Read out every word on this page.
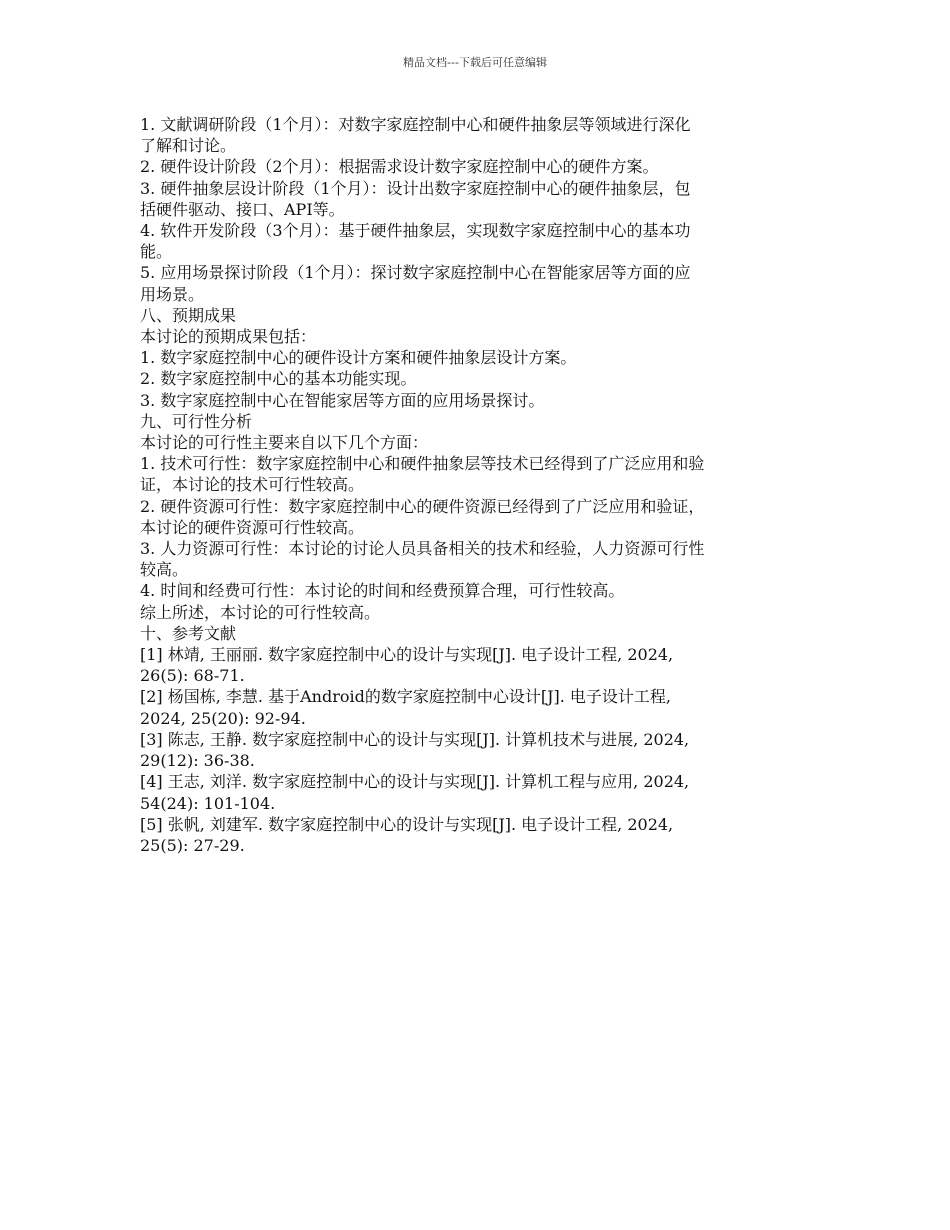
精品文档---下载后可任意编辑
1. 文献调研阶段（1个月）：对数字家庭控制中心和硬件抽象层等领域进行深化
了解和讨论。
2. 硬件设计阶段（2个月）：根据需求设计数字家庭控制中心的硬件方案。
3. 硬件抽象层设计阶段（1个月）：设计出数字家庭控制中心的硬件抽象层，包
括硬件驱动、接口、API等。
4. 软件开发阶段（3个月）：基于硬件抽象层，实现数字家庭控制中心的基本功
能。
5. 应用场景探讨阶段（1个月）：探讨数字家庭控制中心在智能家居等方面的应
用场景。
八、预期成果
本讨论的预期成果包括：
1. 数字家庭控制中心的硬件设计方案和硬件抽象层设计方案。
2. 数字家庭控制中心的基本功能实现。
3. 数字家庭控制中心在智能家居等方面的应用场景探讨。
九、可行性分析
本讨论的可行性主要来自以下几个方面：
1. 技术可行性：数字家庭控制中心和硬件抽象层等技术已经得到了广泛应用和验
证，本讨论的技术可行性较高。
2. 硬件资源可行性：数字家庭控制中心的硬件资源已经得到了广泛应用和验证，
本讨论的硬件资源可行性较高。
3. 人力资源可行性：本讨论的讨论人员具备相关的技术和经验，人力资源可行性
较高。
4. 时间和经费可行性：本讨论的时间和经费预算合理，可行性较高。
综上所述，本讨论的可行性较高。
十、参考文献
[1] 林靖, 王丽丽. 数字家庭控制中心的设计与实现[J]. 电子设计工程, 2024,
26(5): 68-71.
[2] 杨国栋, 李慧. 基于Android的数字家庭控制中心设计[J]. 电子设计工程,
2024, 25(20): 92-94.
[3] 陈志, 王静. 数字家庭控制中心的设计与实现[J]. 计算机技术与进展, 2024,
29(12): 36-38.
[4] 王志, 刘洋. 数字家庭控制中心的设计与实现[J]. 计算机工程与应用, 2024,
54(24): 101-104.
[5] 张帆, 刘建军. 数字家庭控制中心的设计与实现[J]. 电子设计工程, 2024,
25(5): 27-29.
